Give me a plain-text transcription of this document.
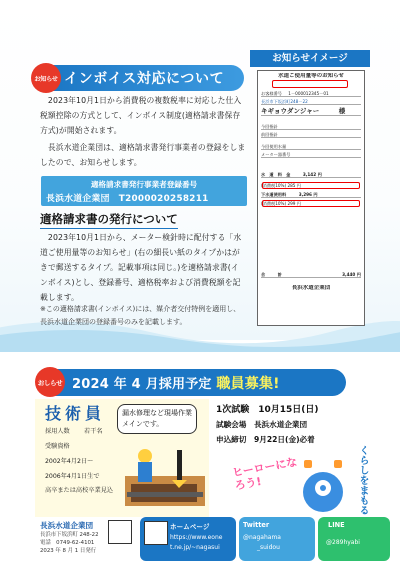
お知らせ インボイス対応について
　2023年10月1日から消費税の複数税率に対応した仕入税額控除の方式として、インボイス制度(適格請求書保存方式)が開始されます。
　長浜水道企業団は、適格請求書発行事業者の登録をしましたので、お知らせします。
適格請求書発行事業者登録番号
長浜水道企業団　T2000020258211
適格請求書の発行について
　2023年10月1日から、メーター検針時に配付する「水道ご使用量等のお知らせ」(右の細長い紙のタイプかはがきで郵送するタイプ。記載事項は同じ。)を適格請求書(インボイス)とし、登録番号、適格税率および消費税額を記載します。
※この適格請求書(インボイス)には、媒介者交付特例を適用し、長浜水道企業団の登録番号のみを記載します。
お知らせイメージ
水道ご使用量等のお知らせ
お客様番号 1－000012345－01
長浜市下坂浜町248－22
キギョウダンジャー　　　様
今回指針
前回指針
今回使用水量
メーター器番号
水　道　料　金　　　3,142 円
(消費税10%) 285 円
下水道使用料　　　3,296 円
(消費税10%) 299 円
合　　　計	3,440 円
長浜水道企業団
おしらせ 2024 年 4 月採用予定 職員募集!
技術員	漏水修理など現場作業メインです。
採用人数 若干名
受験資格
2002年4月2日～
2006年4月1日生で
高卒または高校卒業見込
1次試験　10月15日(日)
試験会場　長浜水道企業団
申込締切　9月22日(金)必着
ヒーローになろう!	くらしをまもる
長浜水道企業団
長浜市下坂浜町 248-22
電話　0749-62-4101
2023 年 8 月 1 日発行
ホームページ
https://www.eone
t.ne.jp/~nagasui
Twitter
@nagahama
_suidou
LINE
@289hyabi
